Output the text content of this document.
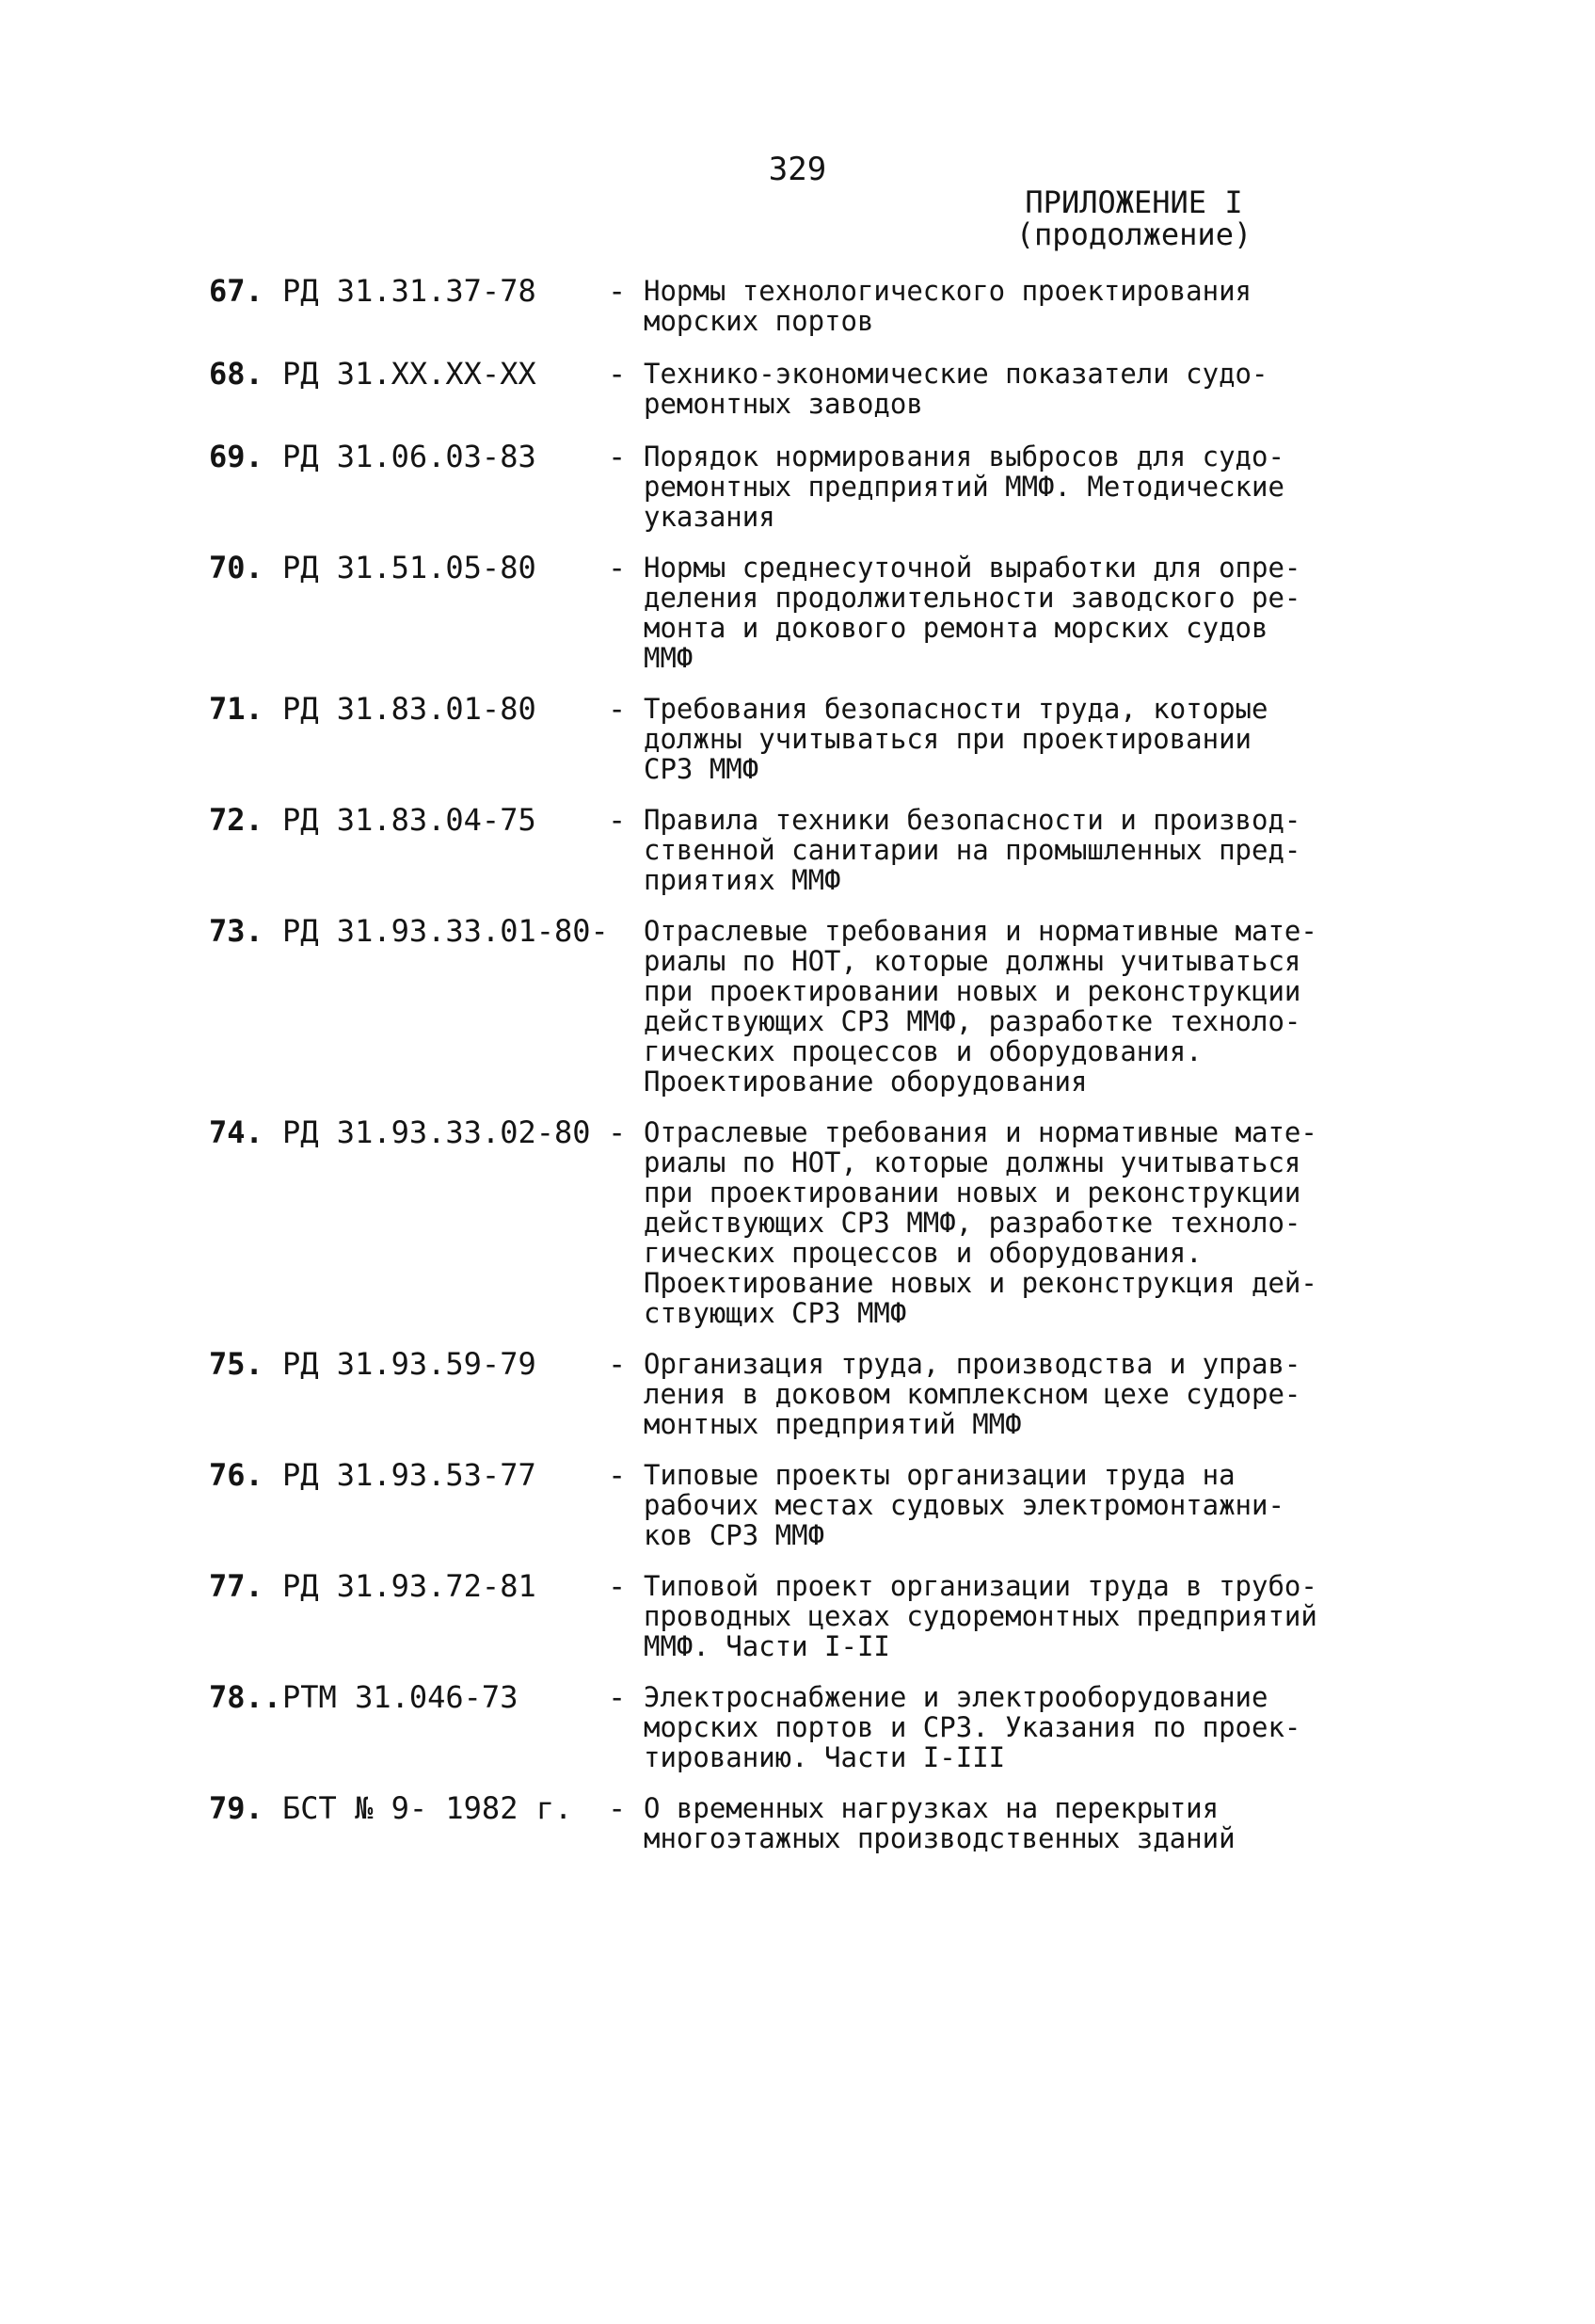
329
ПРИЛОЖЕНИЕ I
(продолжение)
67. РД 31.31.37-78 - Нормы технологического проектирования
морских портов
68. РД 31.XX.XX-XX - Технико-экономические показатели судо-
ремонтных заводов
69. РД 31.06.03-83 - Порядок нормирования выбросов для судо-
ремонтных предприятий ММФ. Методические
указания
70. РД 31.51.05-80 - Нормы среднесуточной выработки для опре-
деления продолжительности заводского ре-
монта и докового ремонта морских судов
ММФ
71. РД 31.83.01-80 - Требования безопасности труда, которые
должны учитываться при проектировании
СРЗ ММФ
72. РД 31.83.04-75 - Правила техники безопасности и производ-
ственной санитарии на промышленных пред-
приятиях ММФ
73. РД 31.93.33.01-80- Отраслевые требования и нормативные мате-
риалы по НОТ, которые должны учитываться
при проектировании новых и реконструкции
действующих СРЗ ММФ, разработке техноло-
гических процессов и оборудования.
Проектирование оборудования
74. РД 31.93.33.02-80 - Отраслевые требования и нормативные мате-
риалы по НОТ, которые должны учитываться
при проектировании новых и реконструкции
действующих СРЗ ММФ, разработке техноло-
гических процессов и оборудования.
Проектирование новых и реконструкция дей-
ствующих СРЗ ММФ
75. РД 31.93.59-79 - Организация труда, производства и управ-
ления в доковом комплексном цехе судоре-
монтных предприятий ММФ
76. РД 31.93.53-77 - Типовые проекты организации труда на
рабочих местах судовых электромонтажни-
ков СРЗ ММФ
77. РД 31.93.72-81 - Типовой проект организации труда в трубо-
проводных цехах судоремонтных предприятий
ММФ. Части I-II
78.. РТМ 31.046-73	- Электроснабжение и электрооборудование
морских портов и СРЗ. Указания по проек-
тированию. Части I-III
79. БСТ № 9- 1982 г. - О временных нагрузках на перекрытия
многоэтажных производственных зданий
